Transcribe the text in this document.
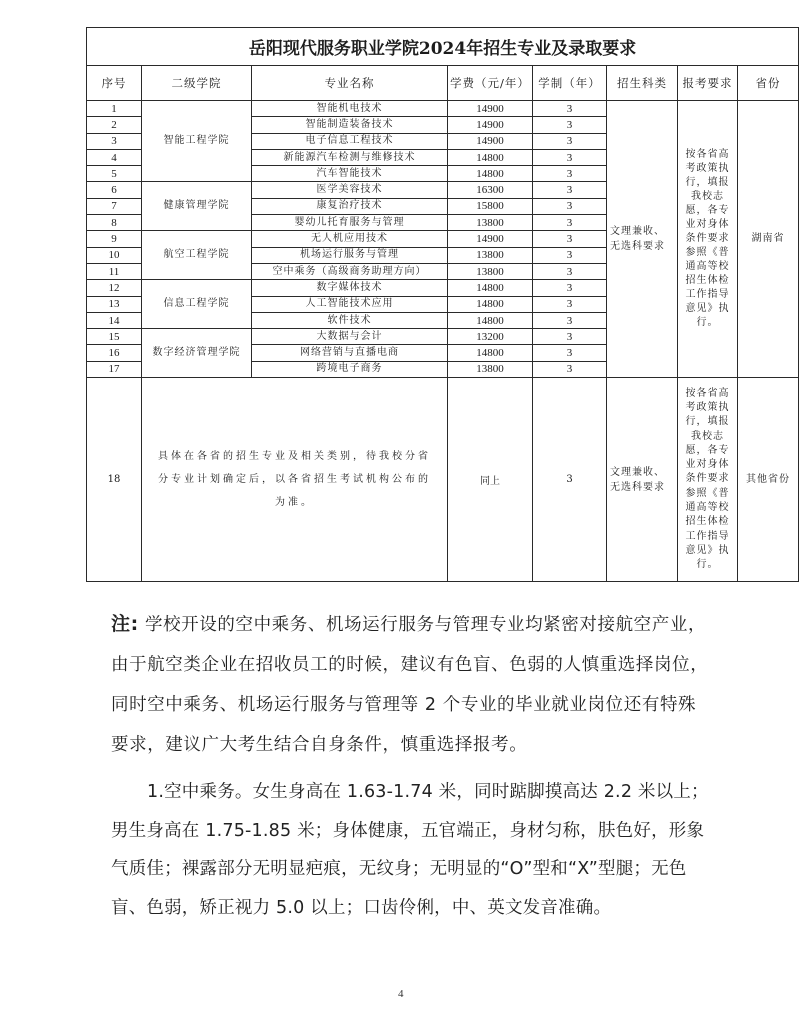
岳阳现代服务职业学院2024年招生专业及录取要求							
序号	二级学院	专业名称	学费（元/年）	学制（年）	招生科类	报考要求	省份
1	智能工程学院	智能机电技术	14900	3	文理兼收、无选科要求	按各省高考政策执行，填报我校志愿，各专业对身体条件要求参照《普通高等校招生体检工作指导意见》执行。	湖南省
2		智能制造装备技术	14900	3			
3		电子信息工程技术	14900	3			
4		新能源汽车检测与维修技术	14800	3			
5		汽车智能技术	14800	3			
6	健康管理学院	医学美容技术	16300	3			
7		康复治疗技术	15800	3			
8		婴幼儿托育服务与管理	13800	3			
9	航空工程学院	无人机应用技术	14900	3			
10		机场运行服务与管理	13800	3			
11		空中乘务（高级商务助理方向）	13800	3			
12	信息工程学院	数字媒体技术	14800	3			
13		人工智能技术应用	14800	3			
14		软件技术	14800	3			
15	数字经济管理学院	大数据与会计	13200	3			
16		网络营销与直播电商	14800	3			
17		跨境电子商务	13800	3			
18	具体在各省的招生专业及相关类别，待我校分省分专业计划确定后，以各省招生考试机构公布的为准。		同上	3	文理兼收、无选科要求	按各省高考政策执行，填报我校志愿，各专业对身体条件要求参照《普通高等校招生体检工作指导意见》执行。	其他省份

注: 学校开设的空中乘务、机场运行服务与管理专业均紧密对接航空产业，由于航空类企业在招收员工的时候，建议有色盲、色弱的人慎重选择岗位，同时空中乘务、机场运行服务与管理等 2 个专业的毕业就业岗位还有特殊要求，建议广大考生结合自身条件，慎重选择报考。

1.空中乘务。女生身高在 1.63-1.74 米，同时踮脚摸高达 2.2 米以上；男生身高在 1.75-1.85 米；身体健康，五官端正，身材匀称，肤色好，形象气质佳；裸露部分无明显疤痕，无纹身；无明显的“O”型和“X”型腿；无色盲、色弱，矫正视力 5.0 以上；口齿伶俐，中、英文发音准确。

4
